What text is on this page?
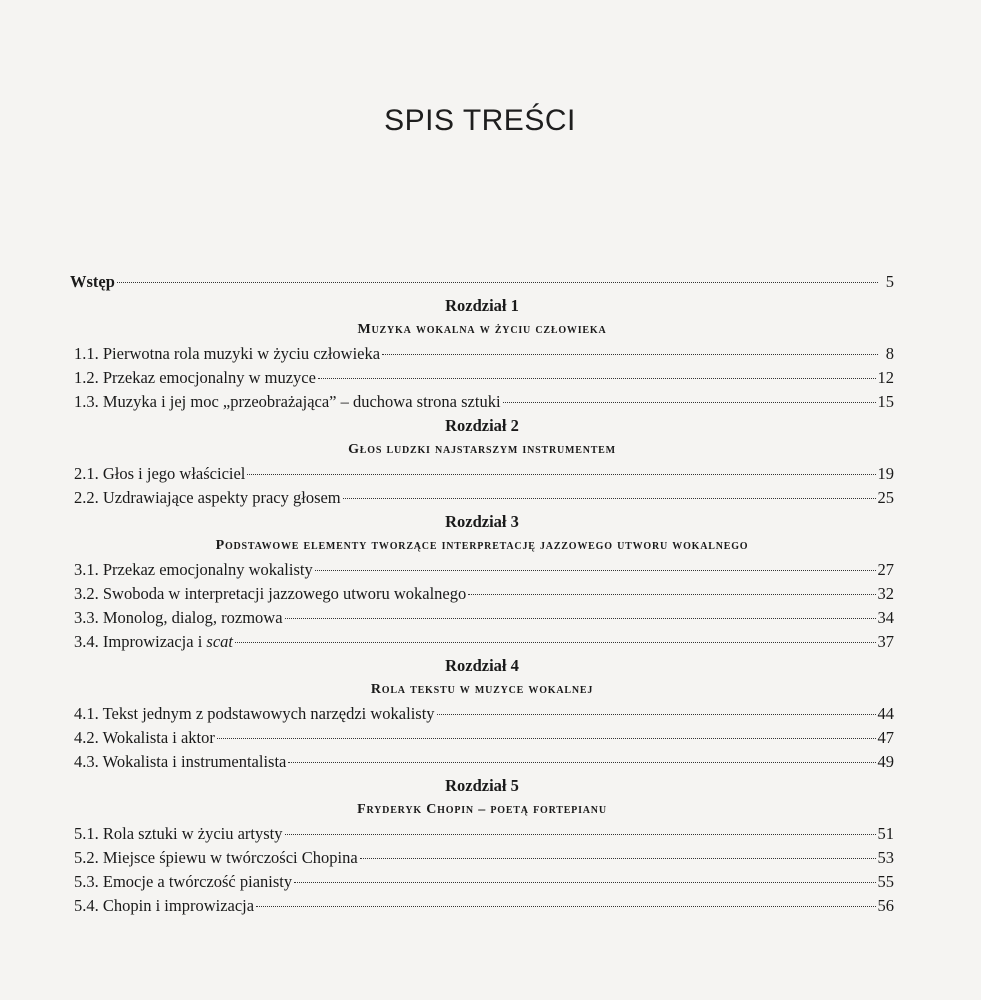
SPIS TREŚCI
Wstęp	5
Rozdział 1
Muzyka wokalna w życiu człowieka
1.1. Pierwotna rola muzyki w życiu człowieka	8
1.2. Przekaz emocjonalny w muzyce	12
1.3. Muzyka i jej moc „przeobrażająca” – duchowa strona sztuki	15
Rozdział 2
Głos ludzki najstarszym instrumentem
2.1. Głos i jego właściciel	19
2.2. Uzdrawiające aspekty pracy głosem	25
Rozdział 3
Podstawowe elementy tworzące interpretację jazzowego utworu wokalnego
3.1. Przekaz emocjonalny wokalisty	27
3.2. Swoboda w interpretacji jazzowego utworu wokalnego	32
3.3. Monolog, dialog, rozmowa	34
3.4. Improwizacja i scat	37
Rozdział 4
Rola tekstu w muzyce wokalnej
4.1. Tekst jednym z podstawowych narzędzi wokalisty	44
4.2. Wokalista i aktor	47
4.3. Wokalista i instrumentalista	49
Rozdział 5
Fryderyk Chopin – poetą fortepianu
5.1. Rola sztuki w życiu artysty	51
5.2. Miejsce śpiewu w twórczości Chopina	53
5.3. Emocje a twórczość pianisty	55
5.4. Chopin i improwizacja	56
